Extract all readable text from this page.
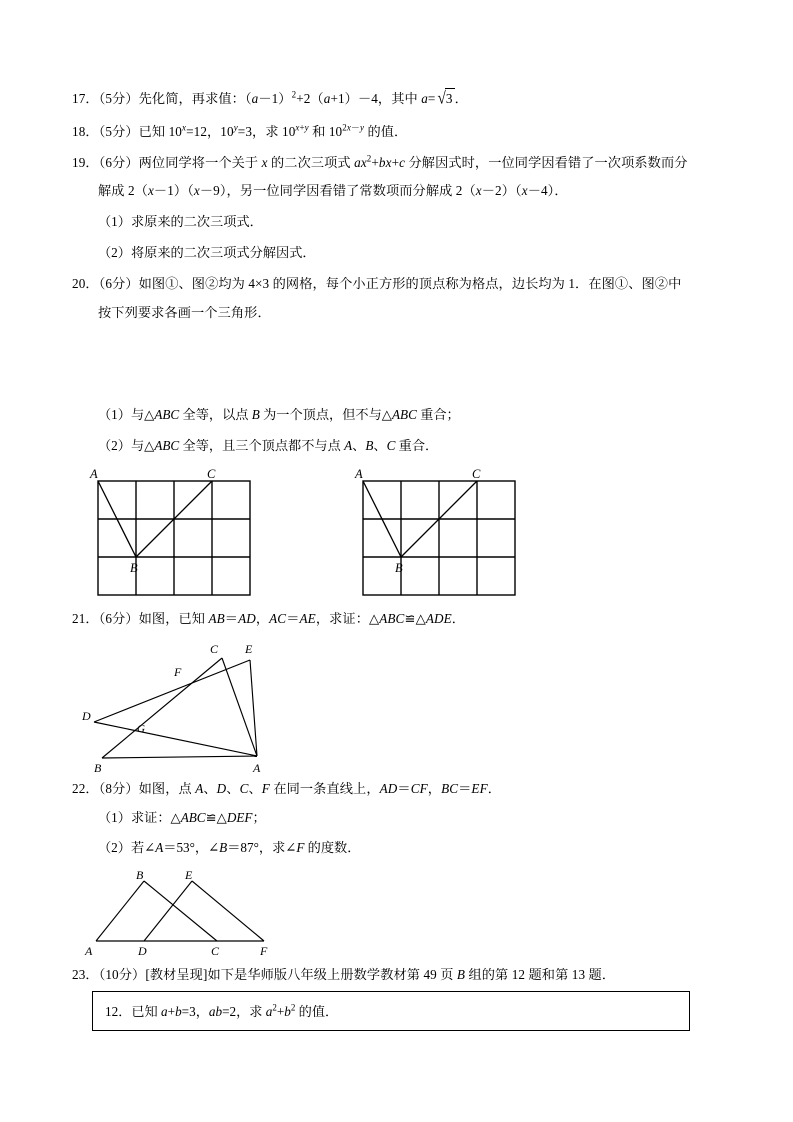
17．（5分）先化简，再求值：$(a-1)^2+2(a+1)-4$，其中 a= √3 ．
18．（5分）已知 $10^x=12$，$10^y=3$，求 $10^{x+y}$ 和 $10^{2x-y}$ 的值．
19．（6分）两位同学将一个关于 x 的二次三项式 $ax^2+bx+c$ 分解因式时，一位同学因看错了一次项系数而分
解成 2（x－1）（x－9），另一位同学因看错了常数项而分解成 2（x－2）（x－4）．
（1）求原来的二次三项式．
（2）将原来的二次三项式分解因式．
20．（6分）如图①、图②均为 4×3 的网格，每个小正方形的顶点称为格点，边长均为 1．在图①、图②中
按下列要求各画一个三角形．
（1）与△ABC 全等，以点 B 为一个顶点，但不与△ABC 重合；
（2）与△ABC 全等，且三个顶点都不与点 A、B、C 重合．
A
B
C	A
B
C
21．（6分）如图，已知 AB＝AD，AC＝AE，求证：△ABC≌△ADE．
C E
F
D
G
B	A
22．（8分）如图，点 A、D、C、F 在同一条直线上，AD＝CF，BC＝EF．
（1）求证：△ABC≌△DEF；
（2）若∠A＝53°，∠B＝87°，求∠F 的度数．
B	E
A	D	C	F
23．（10分）[教材呈现]如下是华师版八年级上册数学教材第 49 页 B 组的第 12 题和第 13 题．
12．已知 a+b=3，ab=2，求 $a^2+b^2$ 的值．
